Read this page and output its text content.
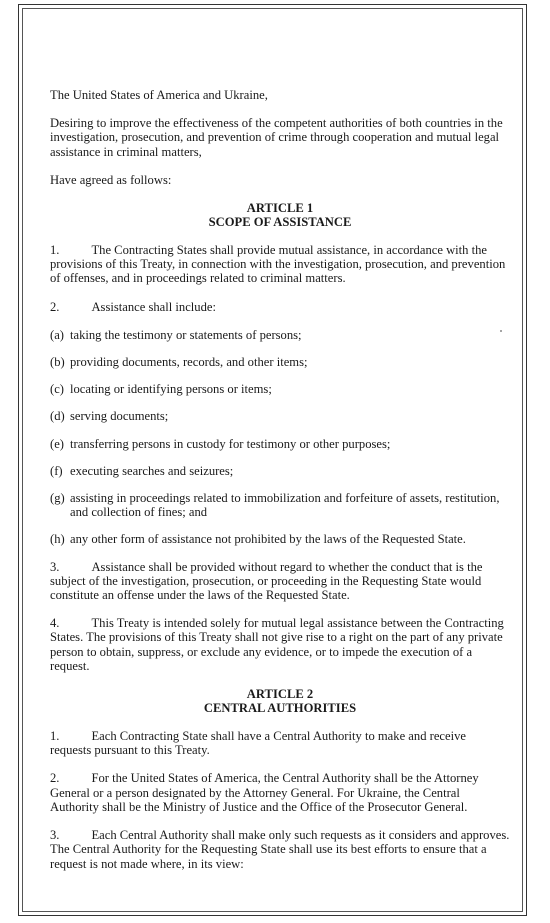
The United States of America and Ukraine,

Desiring to improve the effectiveness of the competent authorities of both countries in the investigation, prosecution, and prevention of crime through cooperation and mutual legal assistance in criminal matters,

Have agreed as follows:

ARTICLE 1
SCOPE OF ASSISTANCE

1.	The Contracting States shall provide mutual assistance, in accordance with the provisions of this Treaty, in connection with the investigation, prosecution, and prevention of offenses, and in proceedings related to criminal matters.

2.	Assistance shall include:

(a) taking the testimony or statements of persons;
(b) providing documents, records, and other items;
(c) locating or identifying persons or items;
(d) serving documents;
(e) transferring persons in custody for testimony or other purposes;
(f) executing searches and seizures;
(g) assisting in proceedings related to immobilization and forfeiture of assets, restitution, and collection of fines; and
(h) any other form of assistance not prohibited by the laws of the Requested State.

3.	Assistance shall be provided without regard to whether the conduct that is the subject of the investigation, prosecution, or proceeding in the Requesting State would constitute an offense under the laws of the Requested State.

4.	This Treaty is intended solely for mutual legal assistance between the Contracting States. The provisions of this Treaty shall not give rise to a right on the part of any private person to obtain, suppress, or exclude any evidence, or to impede the execution of a request.

ARTICLE 2
CENTRAL AUTHORITIES

1.	Each Contracting State shall have a Central Authority to make and receive requests pursuant to this Treaty.

2.	For the United States of America, the Central Authority shall be the Attorney General or a person designated by the Attorney General. For Ukraine, the Central Authority shall be the Ministry of Justice and the Office of the Prosecutor General.

3.	Each Central Authority shall make only such requests as it considers and approves. The Central Authority for the Requesting State shall use its best efforts to ensure that a request is not made where, in its view:
